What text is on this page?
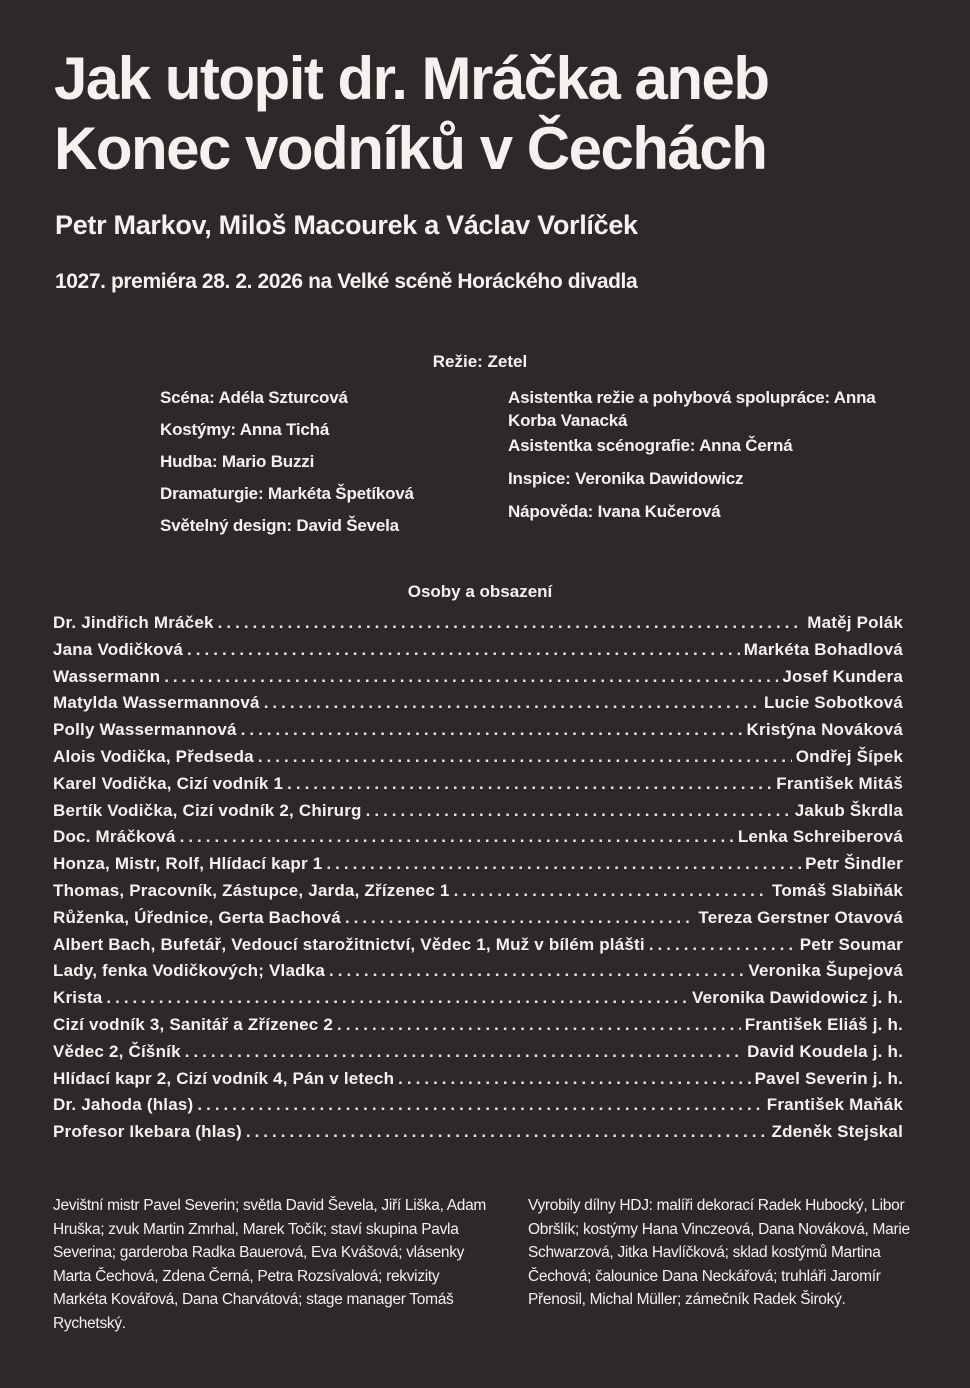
Jak utopit dr. Mráčka aneb
Konec vodníků v Čechách
Petr Markov, Miloš Macourek a Václav Vorlíček
1027. premiéra 28. 2. 2026 na Velké scéně Horáckého divadla
Režie: Zetel
Scéna: Adéla Szturcová
Kostýmy: Anna Tichá
Hudba: Mario Buzzi
Dramaturgie: Markéta Špetíková
Světelný design: David Ševela
Asistentka režie a pohybová spolupráce: Anna Korba Vanacká
Asistentka scénografie: Anna Černá
Inspice: Veronika Dawidowicz
Nápověda: Ivana Kučerová
Osoby a obsazení
Dr. Jindřich Mráček .....	Matěj Polák
Jana Vodičková .....	Markéta Bohadlová
Wassermann .....	Josef Kundera
Matylda Wassermannová .....	Lucie Sobotková
Polly Wassermannová .....	Kristýna Nováková
Alois Vodička, Předseda .....	Ondřej Šípek
Karel Vodička, Cizí vodník 1 .....	František Mitáš
Bertík Vodička, Cizí vodník 2, Chirurg .....	Jakub Škrdla
Doc. Mráčková .....	Lenka Schreiberová
Honza, Mistr, Rolf, Hlídací kapr 1 .....	Petr Šindler
Thomas, Pracovník, Zástupce, Jarda, Zřízenec 1 .....	Tomáš Slabiňák
Růženka, Úřednice, Gerta Bachová .....	Tereza Gerstner Otavová
Albert Bach, Bufetář, Vedoucí starožitnictví, Vědec 1, Muž v bílém plášti .....	Petr Soumar
Lady, fenka Vodičkových; Vladka .....	Veronika Šupejová
Krista .....	Veronika Dawidowicz j. h.
Cizí vodník 3, Sanitář a Zřízenec 2 .....	František Eliáš j. h.
Vědec 2, Číšník .....	David Koudela j. h.
Hlídací kapr 2, Cizí vodník 4, Pán v letech .....	Pavel Severin j. h.
Dr. Jahoda (hlas) .....	František Maňák
Profesor Ikebara (hlas) .....	Zdeněk Stejskal
Jevištní mistr Pavel Severin; světla David Ševela, Jiří Liška, Adam Hruška; zvuk Martin Zmrhal, Marek Točík; staví skupina Pavla Severina; garderoba Radka Bauerová, Eva Kvášová; vlásenky Marta Čechová, Zdena Černá, Petra Rozsívalová; rekvizity Markéta Kovářová, Dana Charvátová; stage manager Tomáš Rychetský.
Vyrobily dílny HDJ: malíři dekorací Radek Hubocký, Libor Obršlík; kostýmy Hana Vinczeová, Dana Nováková, Marie Schwarzová, Jitka Havlíčková; sklad kostýmů Martina Čechová; čalounice Dana Neckářová; truhláři Jaromír Přenosil, Michal Müller; zámečník Radek Široký.
